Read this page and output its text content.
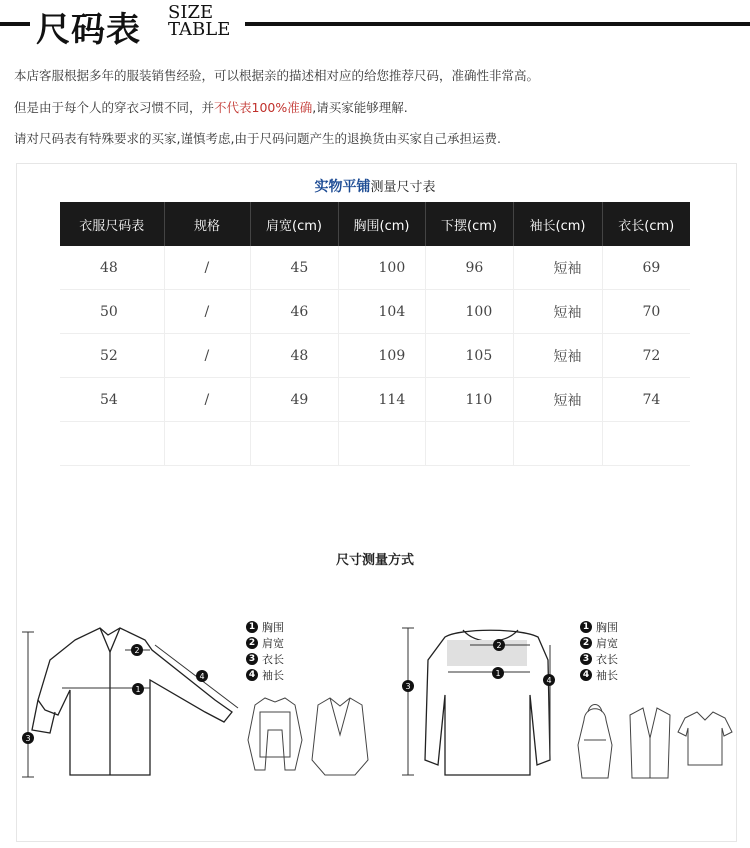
尺码表 SIZE
TABLE
本店客服根据多年的服装销售经验，可以根据亲的描述相对应的给您推荐尺码，准确性非常高。
但是由于每个人的穿衣习惯不同，并不代表100%准确,请买家能够理解.
请对尺码表有特殊要求的买家,谨慎考虑,由于尺码问题产生的退换货由买家自己承担运费.
实物平铺测量尺寸表
衣服尺码表	规格	肩宽(cm)	胸围(cm)	下摆(cm)	袖长(cm)	衣长(cm)
48	/	45	100	96	短袖	69
50	/	46	104	100	短袖	70
52	/	48	109	105	短袖	72
54	/	49	114	110	短袖	74

尺寸测量方式
1
2
3
4	1
2
3
4
1 胸围
2 肩宽
3 衣长
4 袖长
1 胸围
2 肩宽
3 衣长
4 袖长
